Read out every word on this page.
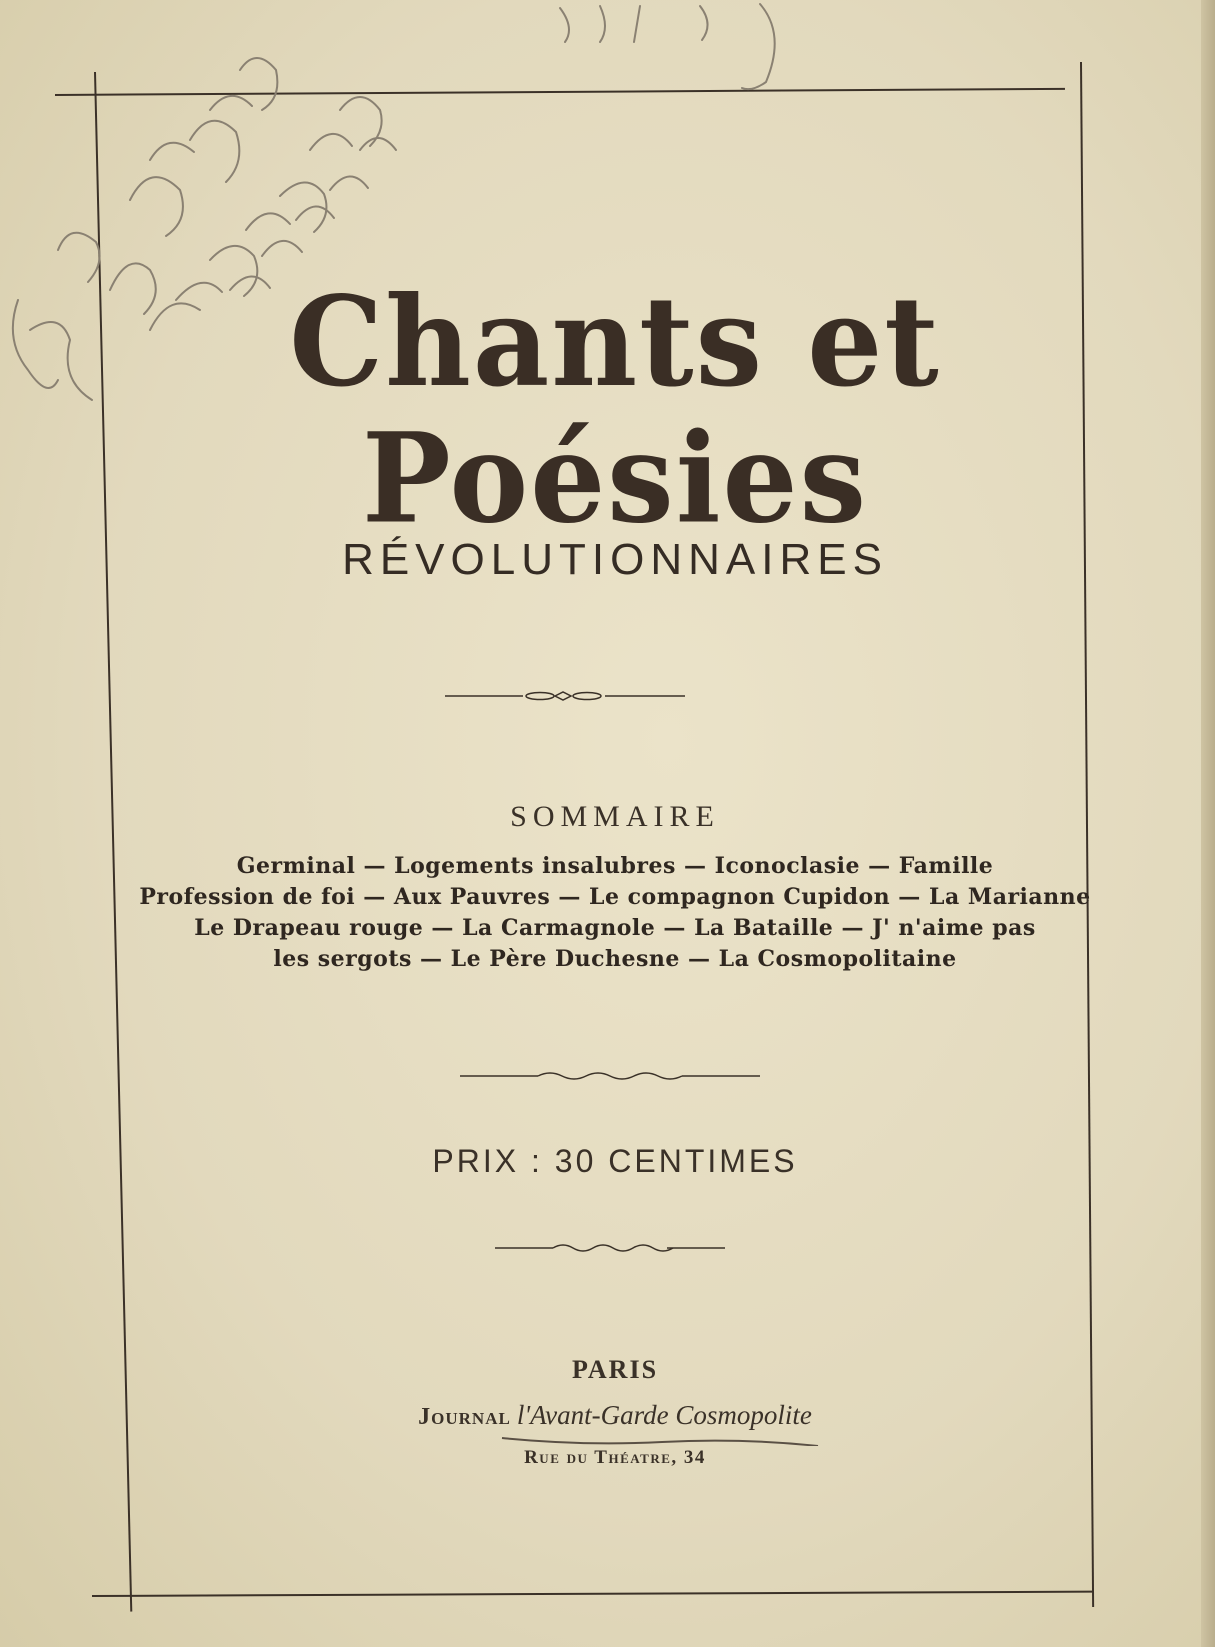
Chants et Poésies
RÉVOLUTIONNAIRES
SOMMAIRE
Germinal — Logements insalubres — Iconoclasie — Famille
Profession de foi — Aux Pauvres — Le compagnon Cupidon — La Marianne
Le Drapeau rouge — La Carmagnole — La Bataille — J' n'aime pas
les sergots — Le Père Duchesne — La Cosmopolitaine
PRIX : 30 CENTIMES
PARIS
Journal l'Avant-Garde Cosmopolite
Rue du Théatre, 34
